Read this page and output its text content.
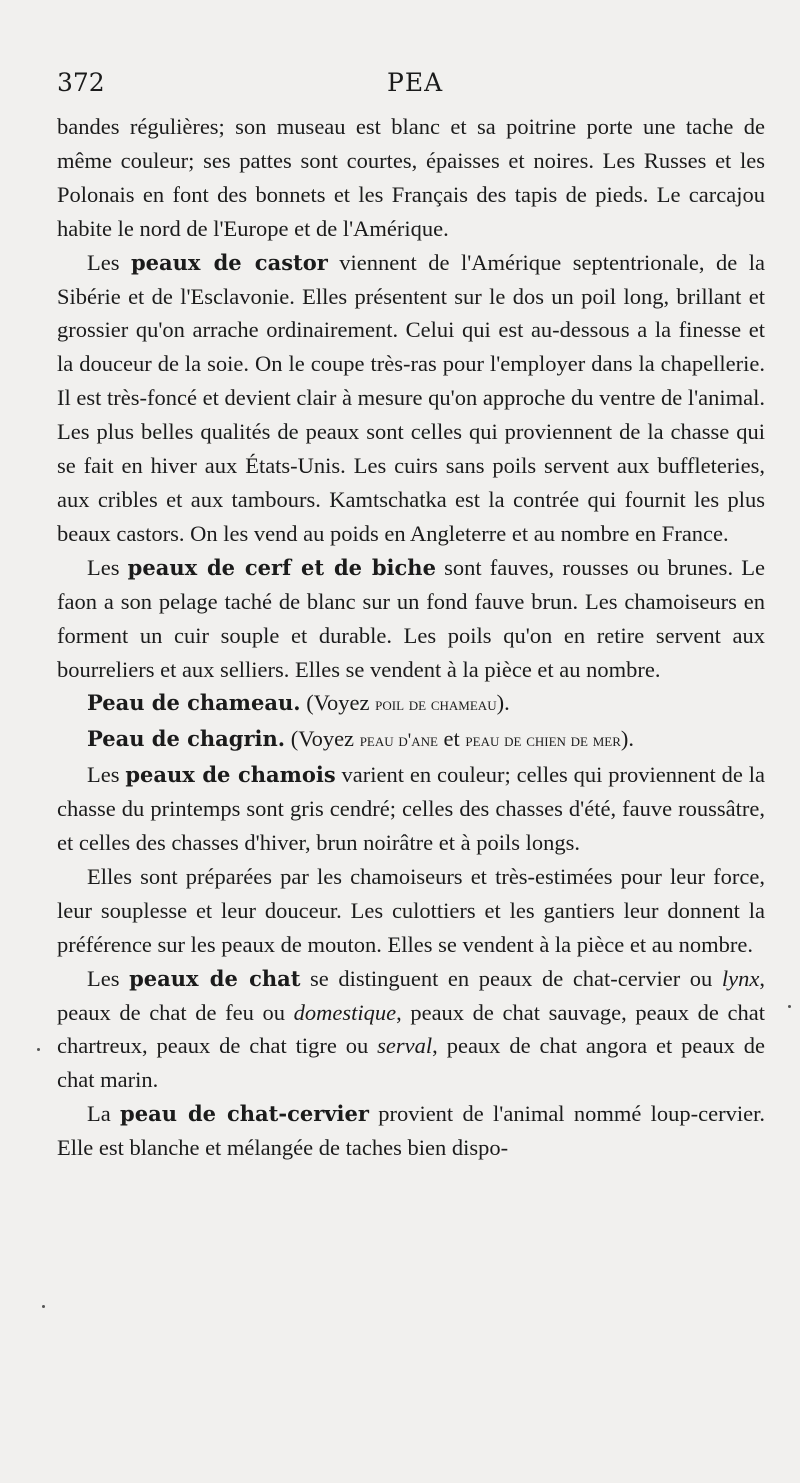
372	PEA

bandes régulières; son museau est blanc et sa poitrine porte une tache de même couleur; ses pattes sont courtes, épaisses et noires. Les Russes et les Polonais en font des bonnets et les Français des tapis de pieds. Le carcajou habite le nord de l'Europe et de l'Amérique.

Les peaux de castor viennent de l'Amérique septentrionale, de la Sibérie et de l'Esclavonie. Elles présentent sur le dos un poil long, brillant et grossier qu'on arrache ordinairement. Celui qui est au-dessous a la finesse et la douceur de la soie. On le coupe très-ras pour l'employer dans la chapellerie. Il est très-foncé et devient clair à mesure qu'on approche du ventre de l'animal. Les plus belles qualités de peaux sont celles qui proviennent de la chasse qui se fait en hiver aux États-Unis. Les cuirs sans poils servent aux buffleteries, aux cribles et aux tambours. Kamtschatka est la contrée qui fournit les plus beaux castors. On les vend au poids en Angleterre et au nombre en France.

Les peaux de cerf et de biche sont fauves, rousses ou brunes. Le faon a son pelage taché de blanc sur un fond fauve brun. Les chamoiseurs en forment un cuir souple et durable. Les poils qu'on en retire servent aux bourreliers et aux selliers. Elles se vendent à la pièce et au nombre.

Peau de chameau. (Voyez poil de chameau).

Peau de chagrin. (Voyez peau d'ane et peau de chien de mer).

Les peaux de chamois varient en couleur; celles qui proviennent de la chasse du printemps sont gris cendré; celles des chasses d'été, fauve roussâtre, et celles des chasses d'hiver, brun noirâtre et à poils longs.

Elles sont préparées par les chamoiseurs et très-estimées pour leur force, leur souplesse et leur douceur. Les culottiers et les gantiers leur donnent la préférence sur les peaux de mouton. Elles se vendent à la pièce et au nombre.

Les peaux de chat se distinguent en peaux de chat-cervier ou lynx, peaux de chat de feu ou domestique, peaux de chat sauvage, peaux de chat chartreux, peaux de chat tigre ou serval, peaux de chat angora et peaux de chat marin.

La peau de chat-cervier provient de l'animal nommé loup-cervier. Elle est blanche et mélangée de taches bien dispo-
